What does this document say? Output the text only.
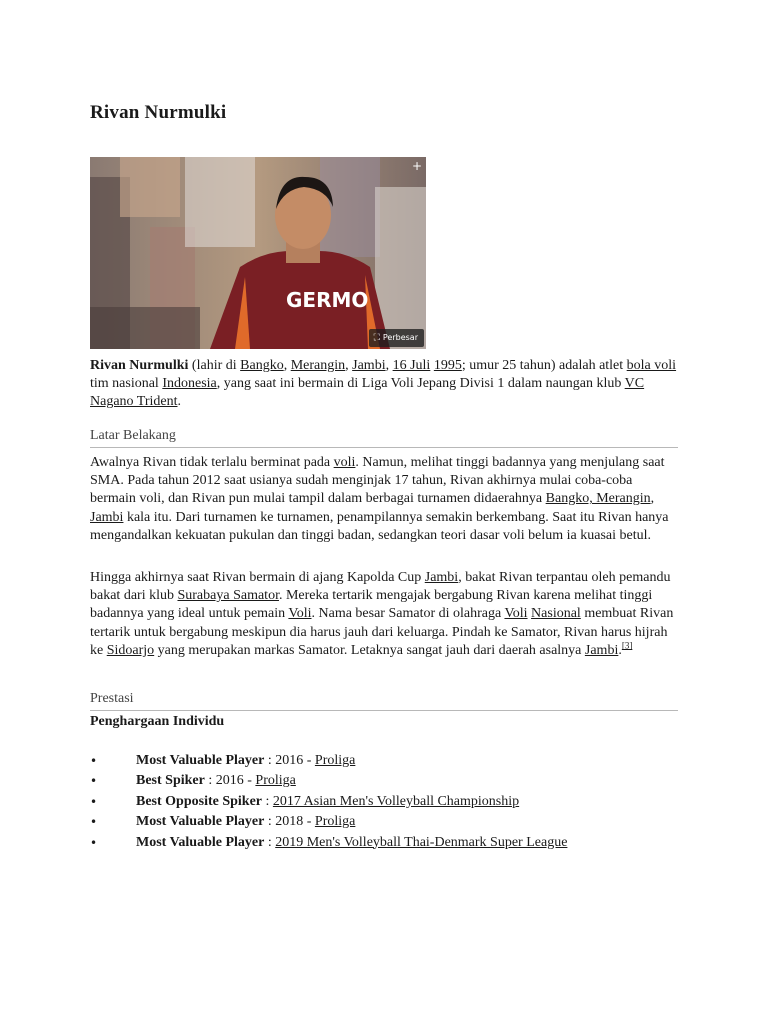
Rivan Nurmulki
GERMO
+
⛶ Perbesar

Rivan Nurmulki (lahir di Bangko, Merangin, Jambi, 16 Juli 1995; umur 25 tahun) adalah atlet bola voli tim nasional Indonesia, yang saat ini bermain di Liga Voli Jepang Divisi 1 dalam naungan klub VC Nagano Trident.

Latar Belakang

Awalnya Rivan tidak terlalu berminat pada voli. Namun, melihat tinggi badannya yang menjulang saat SMA. Pada tahun 2012 saat usianya sudah menginjak 17 tahun, Rivan akhirnya mulai coba-coba bermain voli, dan Rivan pun mulai tampil dalam berbagai turnamen didaerahnya Bangko, Merangin, Jambi kala itu. Dari turnamen ke turnamen, penampilannya semakin berkembang. Saat itu Rivan hanya mengandalkan kekuatan pukulan dan tinggi badan, sedangkan teori dasar voli belum ia kuasai betul.

Hingga akhirnya saat Rivan bermain di ajang Kapolda Cup Jambi, bakat Rivan terpantau oleh pemandu bakat dari klub Surabaya Samator. Mereka tertarik mengajak bergabung Rivan karena melihat tinggi badannya yang ideal untuk pemain Voli. Nama besar Samator di olahraga Voli Nasional membuat Rivan tertarik untuk bergabung meskipun dia harus jauh dari keluarga. Pindah ke Samator, Rivan harus hijrah ke Sidoarjo yang merupakan markas Samator. Letaknya sangat jauh dari daerah asalnya Jambi.[3]

Prestasi
Penghargaan Individu
•	Most Valuable Player : 2016 - Proliga
•	Best Spiker : 2016 - Proliga
•	Best Opposite Spiker : 2017 Asian Men's Volleyball Championship
•	Most Valuable Player : 2018 - Proliga
•	Most Valuable Player : 2019 Men's Volleyball Thai-Denmark Super League
